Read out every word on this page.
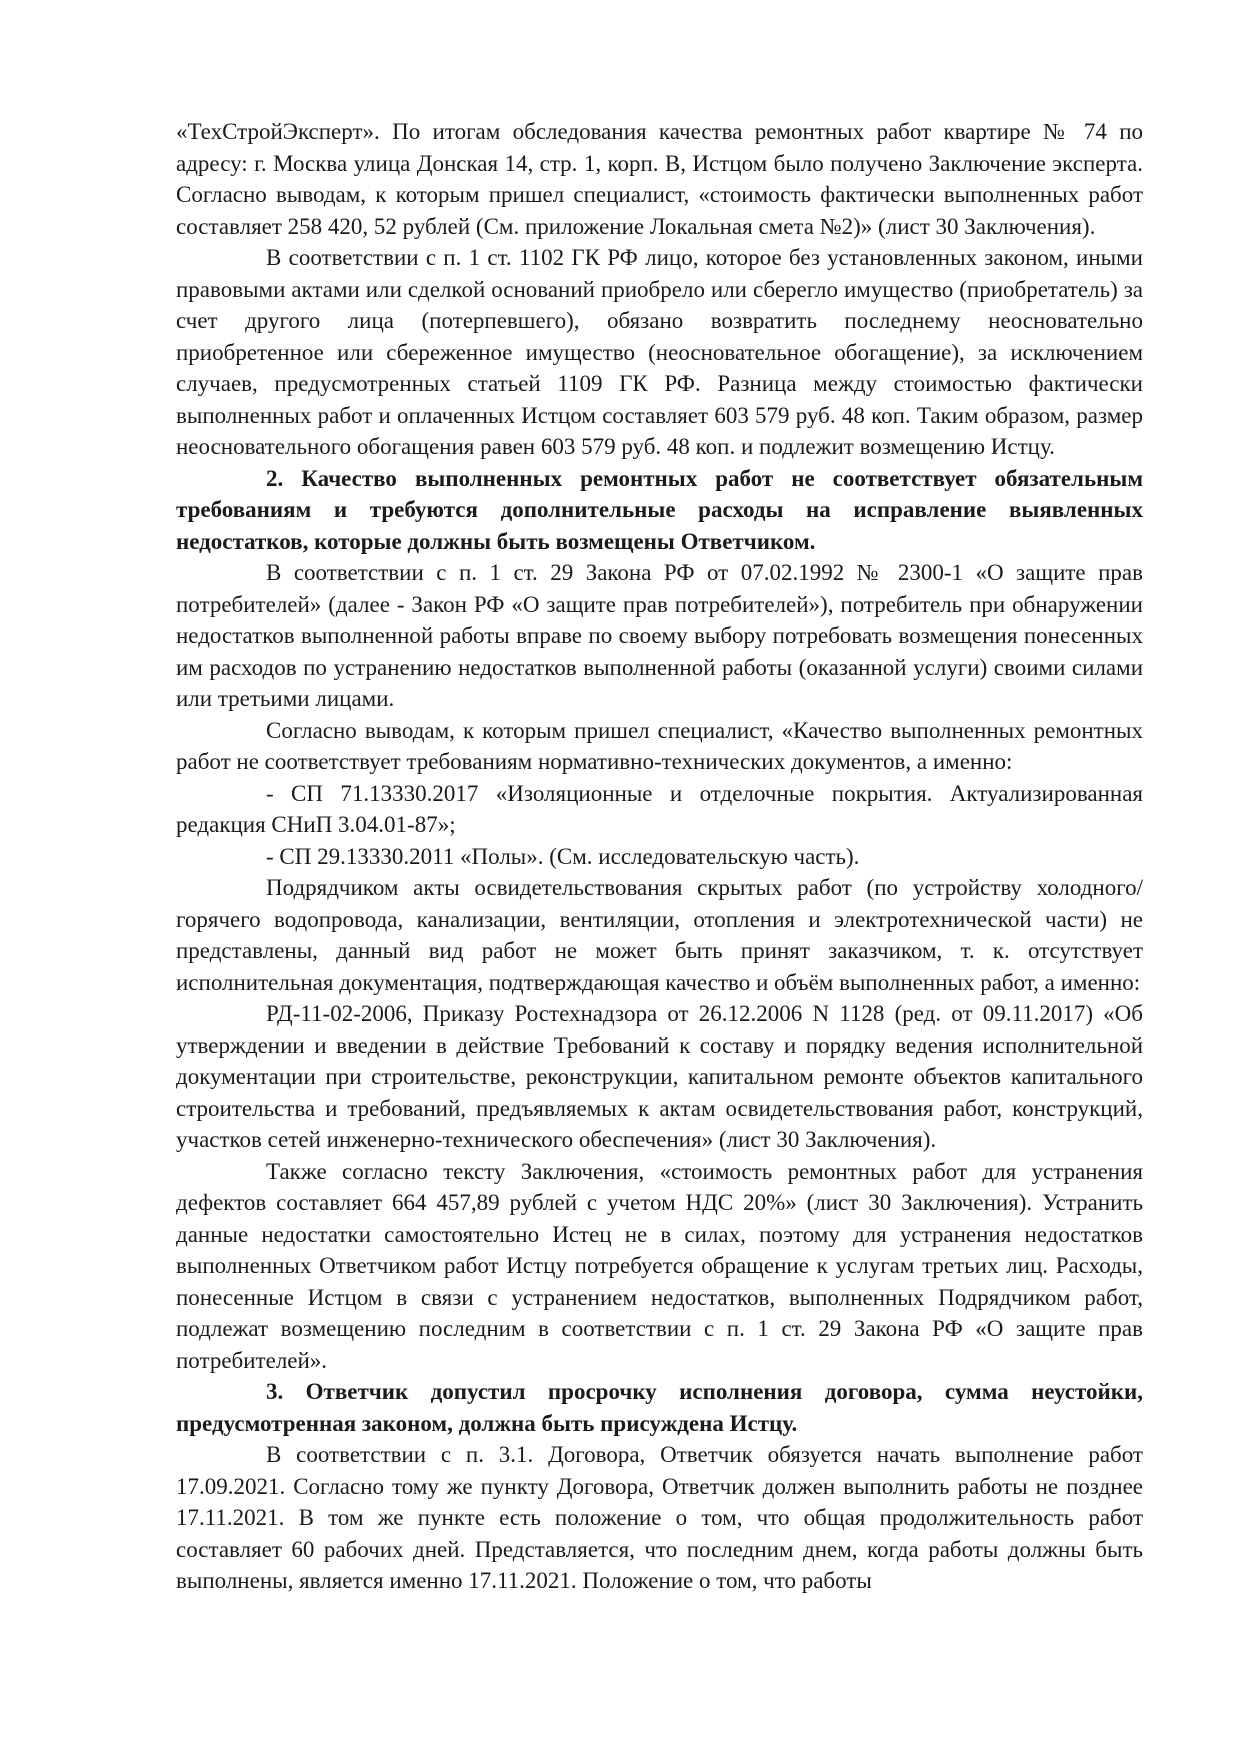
«ТехСтройЭксперт». По итогам обследования качества ремонтных работ квартире № 74 по адресу: г. Москва улица Донская 14, стр. 1, корп. В, Истцом было получено Заключение эксперта. Согласно выводам, к которым пришел специалист, «стоимость фактически выполненных работ составляет 258 420, 52 рублей (См. приложение Локальная смета №2)» (лист 30 Заключения).

В соответствии с п. 1 ст. 1102 ГК РФ лицо, которое без установленных законом, иными правовыми актами или сделкой оснований приобрело или сберегло имущество (приобретатель) за счет другого лица (потерпевшего), обязано возвратить последнему неосновательно приобретенное или сбереженное имущество (неосновательное обогащение), за исключением случаев, предусмотренных статьей 1109 ГК РФ. Разница между стоимостью фактически выполненных работ и оплаченных Истцом составляет 603 579 руб. 48 коп. Таким образом, размер неосновательного обогащения равен 603 579 руб. 48 коп. и подлежит возмещению Истцу.

2. Качество выполненных ремонтных работ не соответствует обязательным требованиям и требуются дополнительные расходы на исправление выявленных недостатков, которые должны быть возмещены Ответчиком.

В соответствии с п. 1 ст. 29 Закона РФ от 07.02.1992 № 2300-1 «О защите прав потребителей» (далее - Закон РФ «О защите прав потребителей»), потребитель при обнаружении недостатков выполненной работы вправе по своему выбору потребовать возмещения понесенных им расходов по устранению недостатков выполненной работы (оказанной услуги) своими силами или третьими лицами.

Согласно выводам, к которым пришел специалист, «Качество выполненных ремонтных работ не соответствует требованиям нормативно-технических документов, а именно:

- СП 71.13330.2017 «Изоляционные и отделочные покрытия. Актуализированная редакция СНиП 3.04.01-87»;

- СП 29.13330.2011 «Полы». (См. исследовательскую часть).

Подрядчиком акты освидетельствования скрытых работ (по устройству холодного/горячего водопровода, канализации, вентиляции, отопления и электротехнической части) не представлены, данный вид работ не может быть принят заказчиком, т. к. отсутствует исполнительная документация, подтверждающая качество и объём выполненных работ, а именно:

РД-11-02-2006, Приказу Ростехнадзора от 26.12.2006 N 1128 (ред. от 09.11.2017) «Об утверждении и введении в действие Требований к составу и порядку ведения исполнительной документации при строительстве, реконструкции, капитальном ремонте объектов капитального строительства и требований, предъявляемых к актам освидетельствования работ, конструкций, участков сетей инженерно-технического обеспечения» (лист 30 Заключения).

Также согласно тексту Заключения, «стоимость ремонтных работ для устранения дефектов составляет 664 457,89 рублей с учетом НДС 20%» (лист 30 Заключения). Устранить данные недостатки самостоятельно Истец не в силах, поэтому для устранения недостатков выполненных Ответчиком работ Истцу потребуется обращение к услугам третьих лиц. Расходы, понесенные Истцом в связи с устранением недостатков, выполненных Подрядчиком работ, подлежат возмещению последним в соответствии с п. 1 ст. 29 Закона РФ «О защите прав потребителей».

3. Ответчик допустил просрочку исполнения договора, сумма неустойки, предусмотренная законом, должна быть присуждена Истцу.

В соответствии с п. 3.1. Договора, Ответчик обязуется начать выполнение работ 17.09.2021. Согласно тому же пункту Договора, Ответчик должен выполнить работы не позднее 17.11.2021. В том же пункте есть положение о том, что общая продолжительность работ составляет 60 рабочих дней. Представляется, что последним днем, когда работы должны быть выполнены, является именно 17.11.2021. Положение о том, что работы
